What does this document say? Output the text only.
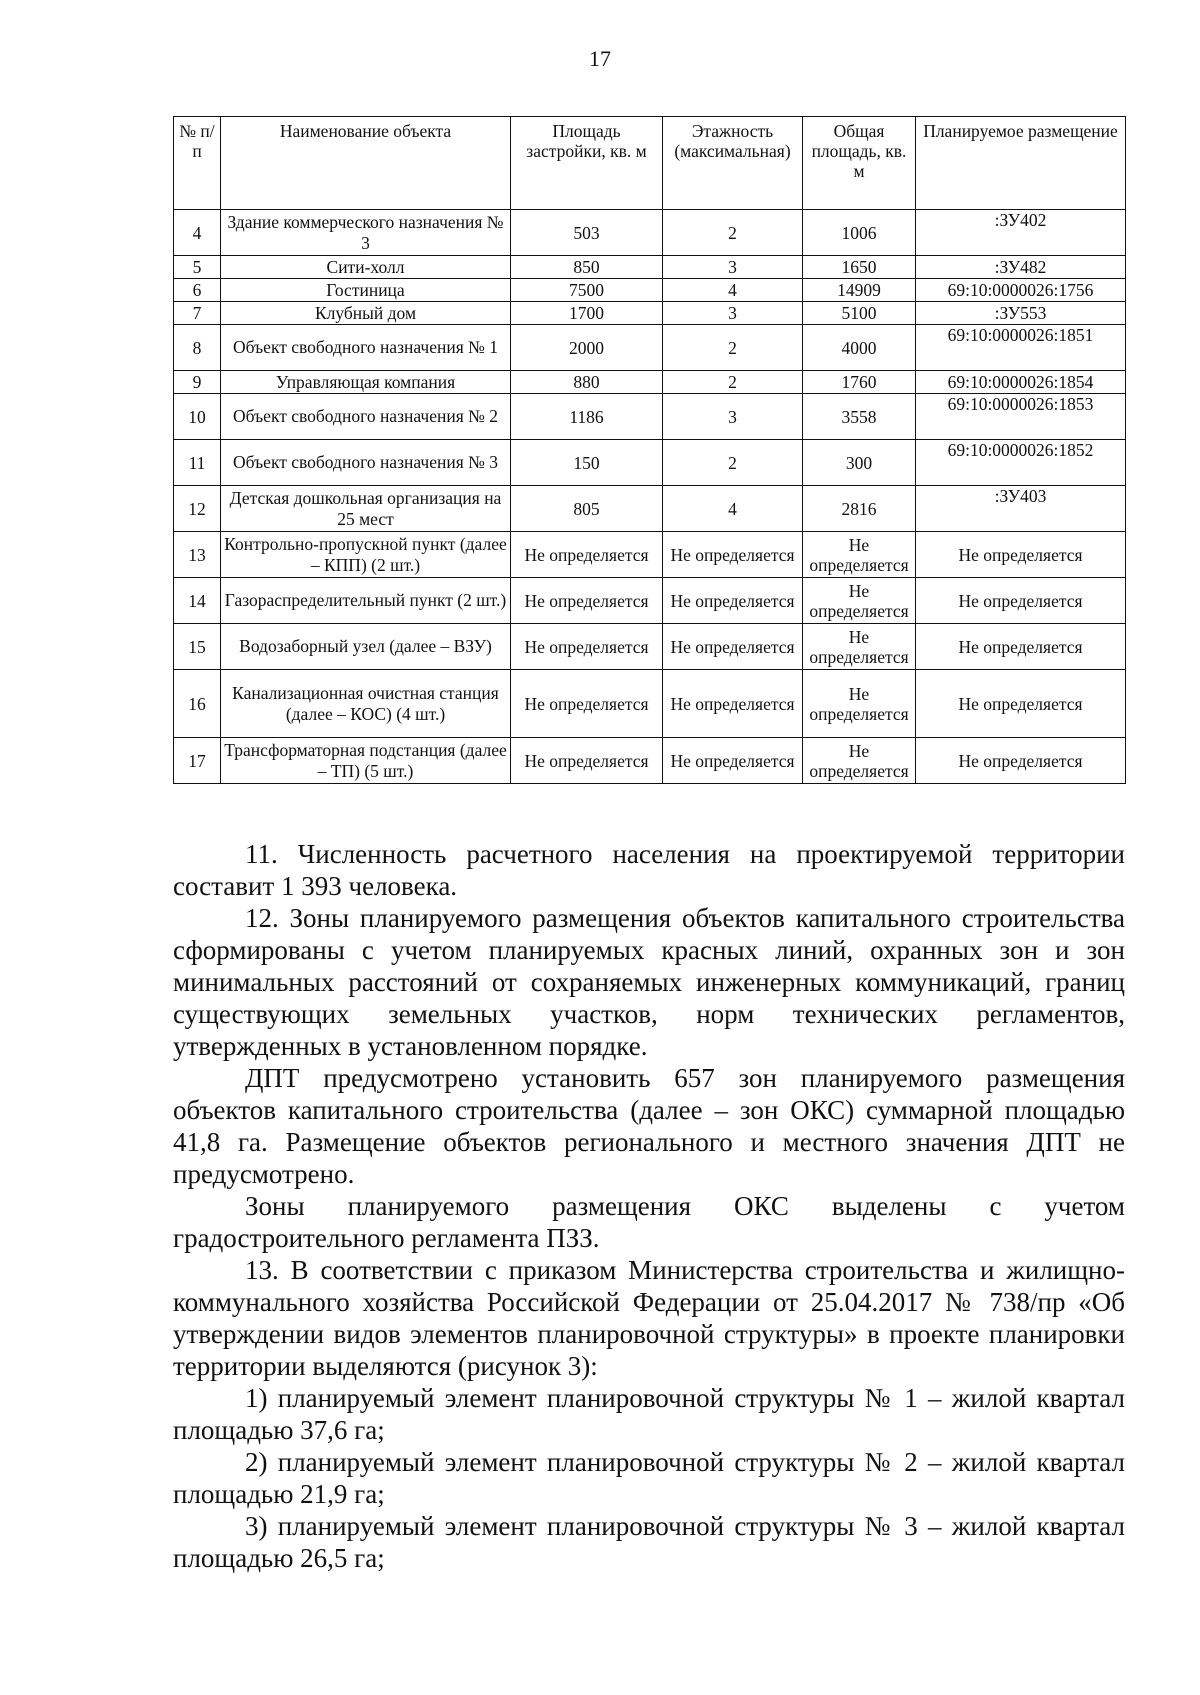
17
№ п/п	Наименование объекта	Площадь застройки, кв. м	Этажность (максимальная)	Общая площадь, кв. м	Планируемое размещение
4	Здание коммерческого назначения № 3	503	2	1006	:ЗУ402
5	Сити-холл	850	3	1650	:ЗУ482
6	Гостиница	7500	4	14909	69:10:0000026:1756
7	Клубный дом	1700	3	5100	:ЗУ553
8	Объект свободного назначения № 1	2000	2	4000	69:10:0000026:1851
9	Управляющая компания	880	2	1760	69:10:0000026:1854
10	Объект свободного назначения № 2	1186	3	3558	69:10:0000026:1853
11	Объект свободного назначения № 3	150	2	300	69:10:0000026:1852
12	Детская дошкольная организация на 25 мест	805	4	2816	:ЗУ403
13	Контрольно-пропускной пункт (далее – КПП) (2 шт.)	Не определяется	Не определяется	Не определяется	Не определяется
14	Газораспределительный пункт (2 шт.)	Не определяется	Не определяется	Не определяется	Не определяется
15	Водозаборный узел (далее – ВЗУ)	Не определяется	Не определяется	Не определяется	Не определяется
16	Канализационная очистная станция (далее – КОС) (4 шт.)	Не определяется	Не определяется	Не определяется	Не определяется
17	Трансформаторная подстанция (далее – ТП) (5 шт.)	Не определяется	Не определяется	Не определяется	Не определяется

11. Численность расчетного населения на проектируемой территории составит 1 393 человека.

12. Зоны планируемого размещения объектов капитального строительства сформированы с учетом планируемых красных линий, охранных зон и зон минимальных расстояний от сохраняемых инженерных коммуникаций, границ существующих земельных участков, норм технических регламентов, утвержденных в установленном порядке.

ДПТ предусмотрено установить 657 зон планируемого размещения объектов капитального строительства (далее – зон ОКС) суммарной площадью 41,8 га. Размещение объектов регионального и местного значения ДПТ не предусмотрено.

Зоны планируемого размещения ОКС выделены с учетом градостроительного регламента ПЗЗ.

13. В соответствии с приказом Министерства строительства и жилищно-коммунального хозяйства Российской Федерации от 25.04.2017 № 738/пр «Об утверждении видов элементов планировочной структуры» в проекте планировки территории выделяются (рисунок 3):

1) планируемый элемент планировочной структуры № 1 – жилой квартал площадью 37,6 га;

2) планируемый элемент планировочной структуры № 2 – жилой квартал площадью 21,9 га;

3) планируемый элемент планировочной структуры № 3 – жилой квартал площадью 26,5 га;
